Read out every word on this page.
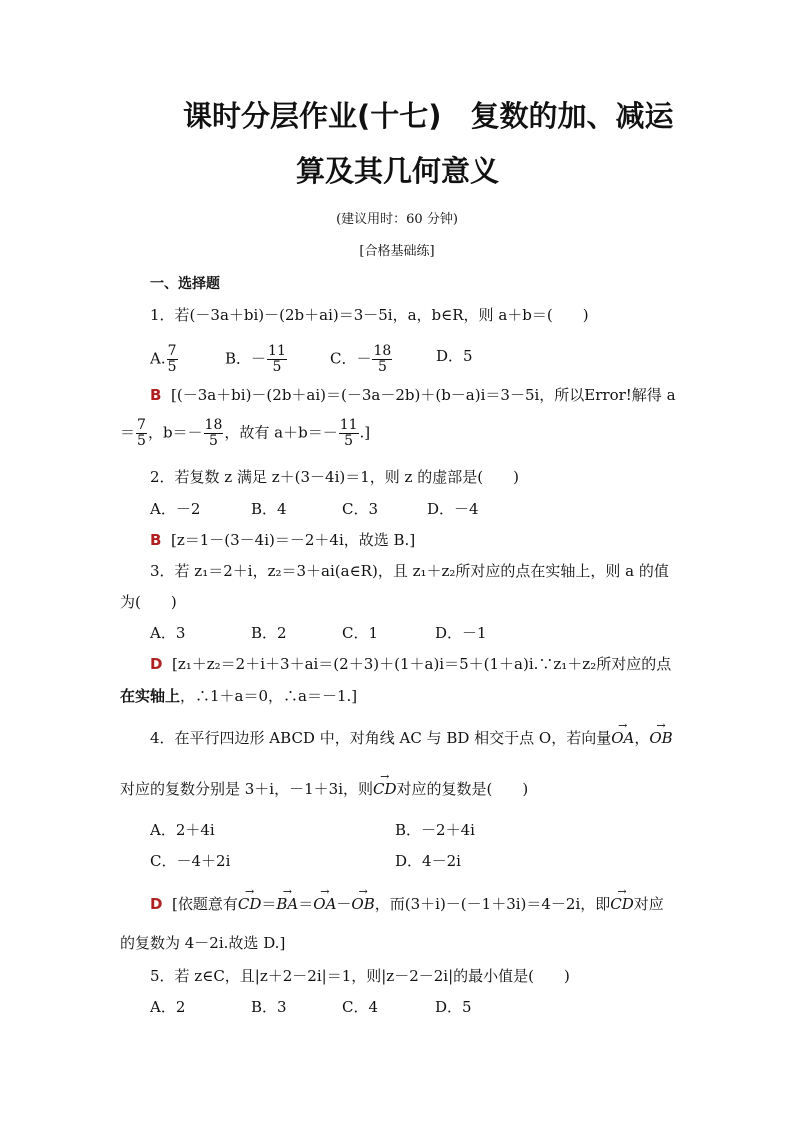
课时分层作业(十七)　复数的加、减运
算及其几何意义
(建议用时：60 分钟)
[合格基础练]
一、选择题
1．若(－3a＋bi)－(2b＋ai)＝3－5i，a，b∈R，则 a＋b＝(　　)
A. $\frac{7}{5}$	B．－ $\frac{11}{5}$	C．－ $\frac{18}{5}$	D．5
B [(－3a＋bi)－(2b＋ai)＝(－3a－2b)＋(b－a)i＝3－5i，所以Error!解得 a
＝ $\frac{7}{5}$ ，$b=- \frac{18}{5}$ ，故有 $a+b=- \frac{11}{5}$ .]
2．若复数 z 满足 z＋(3－4i)＝1，则 z 的虚部是(　　)
A．－2	B．4	C．3	D．－4
B [z＝1－(3－4i)＝－2＋4i，故选 B.]
3．若 z₁＝2＋i，z₂＝3＋ai(a∈R)，且 z₁＋z₂所对应的点在实轴上，则 a 的值
为(　　)
A．3	B．2	C．1	D．－1
D [z₁＋z₂＝2＋i＋3＋ai＝(2＋3)＋(1＋a)i＝5＋(1＋a)i.∵z₁＋z₂所对应的点
在实轴上，∴1＋a＝0，∴a＝－1.]
4．在平行四边形 ABCD 中，对角线 AC 与 BD 相交于点 O，若向量→ OA，→ OB
对应的复数分别是 3＋i，－1＋3i，则→ CD对应的复数是(　　)
A．2＋4i	B．－2＋4i
C．－4＋2i	D．4－2i
D [依题意有→ CD＝→ BA＝→ OA－→ OB，而(3＋i)－(－1＋3i)＝4－2i，即→ CD对应
的复数为 4－2i.故选 D.]
5．若 z∈C，且|z＋2－2i|＝1，则|z－2－2i|的最小值是(　　)
A．2	B．3	C．4	D．5
